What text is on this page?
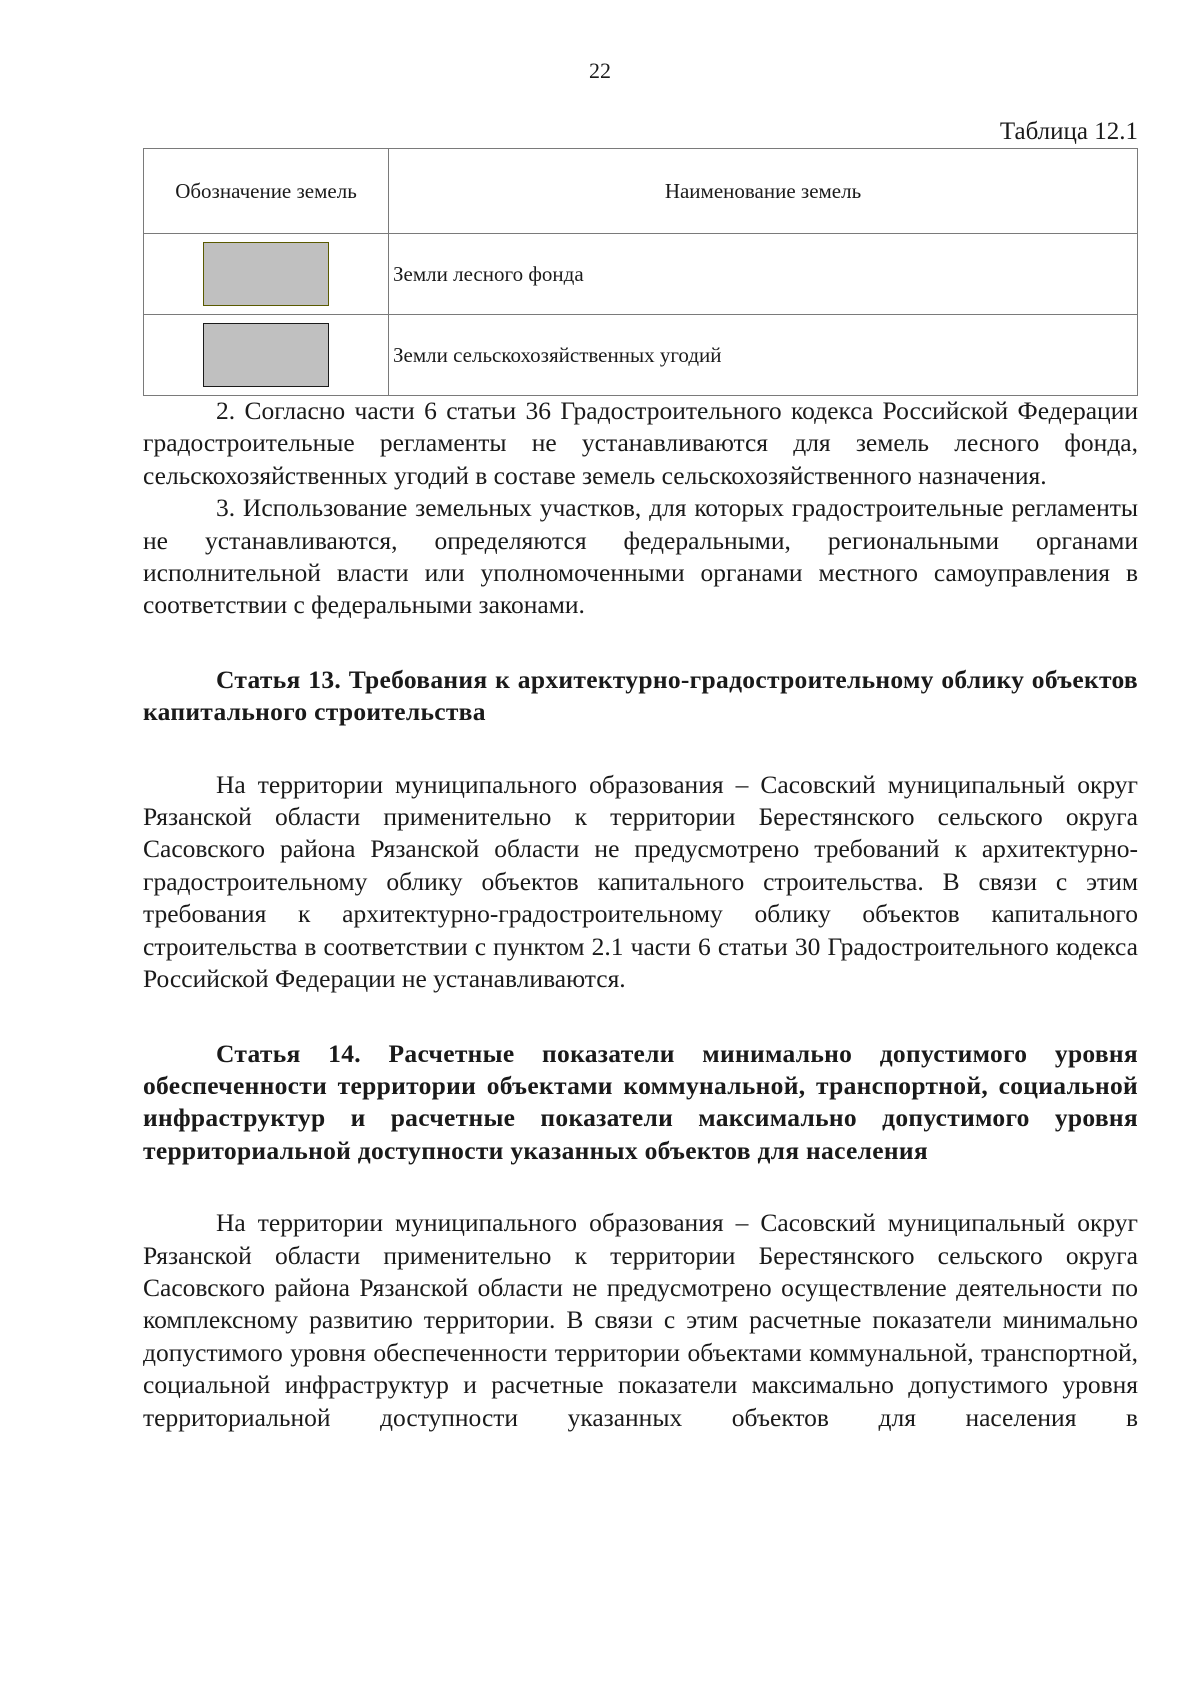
22
Таблица 12.1
Обозначение земель	Наименование земель
	Земли лесного фонда
	Земли сельскохозяйственных угодий

2. Согласно части 6 статьи 36 Градостроительного кодекса Российской Федерации градостроительные регламенты не устанавливаются для земель лесного фонда, сельскохозяйственных угодий в составе земель сельскохозяйственного назначения.

3. Использование земельных участков, для которых градостроительные регламенты не устанавливаются, определяются федеральными, региональными органами исполнительной власти или уполномоченными органами местного самоуправления в соответствии с федеральными законами.

Статья 13. Требования к архитектурно-градостроительному облику объектов капитального строительства

На территории муниципального образования – Сасовский муниципальный округ Рязанской области применительно к территории Берестянского сельского округа Сасовского района Рязанской области не предусмотрено требований к архитектурно-градостроительному облику объектов капитального строительства. В связи с этим требования к архитектурно-градостроительному облику объектов капитального строительства в соответствии с пунктом 2.1 части 6 статьи 30 Градостроительного кодекса Российской Федерации не устанавливаются.

Статья 14. Расчетные показатели минимально допустимого уровня обеспеченности территории объектами коммунальной, транспортной, социальной инфраструктур и расчетные показатели максимально допустимого уровня территориальной доступности указанных объектов для населения

На территории муниципального образования – Сасовский муниципальный округ Рязанской области применительно к территории Берестянского сельского округа Сасовского района Рязанской области не предусмотрено осуществление деятельности по комплексному развитию территории. В связи с этим расчетные показатели минимально допустимого уровня обеспеченности территории объектами коммунальной, транспортной, социальной инфраструктур и расчетные показатели максимально допустимого уровня территориальной доступности указанных объектов для населения в
